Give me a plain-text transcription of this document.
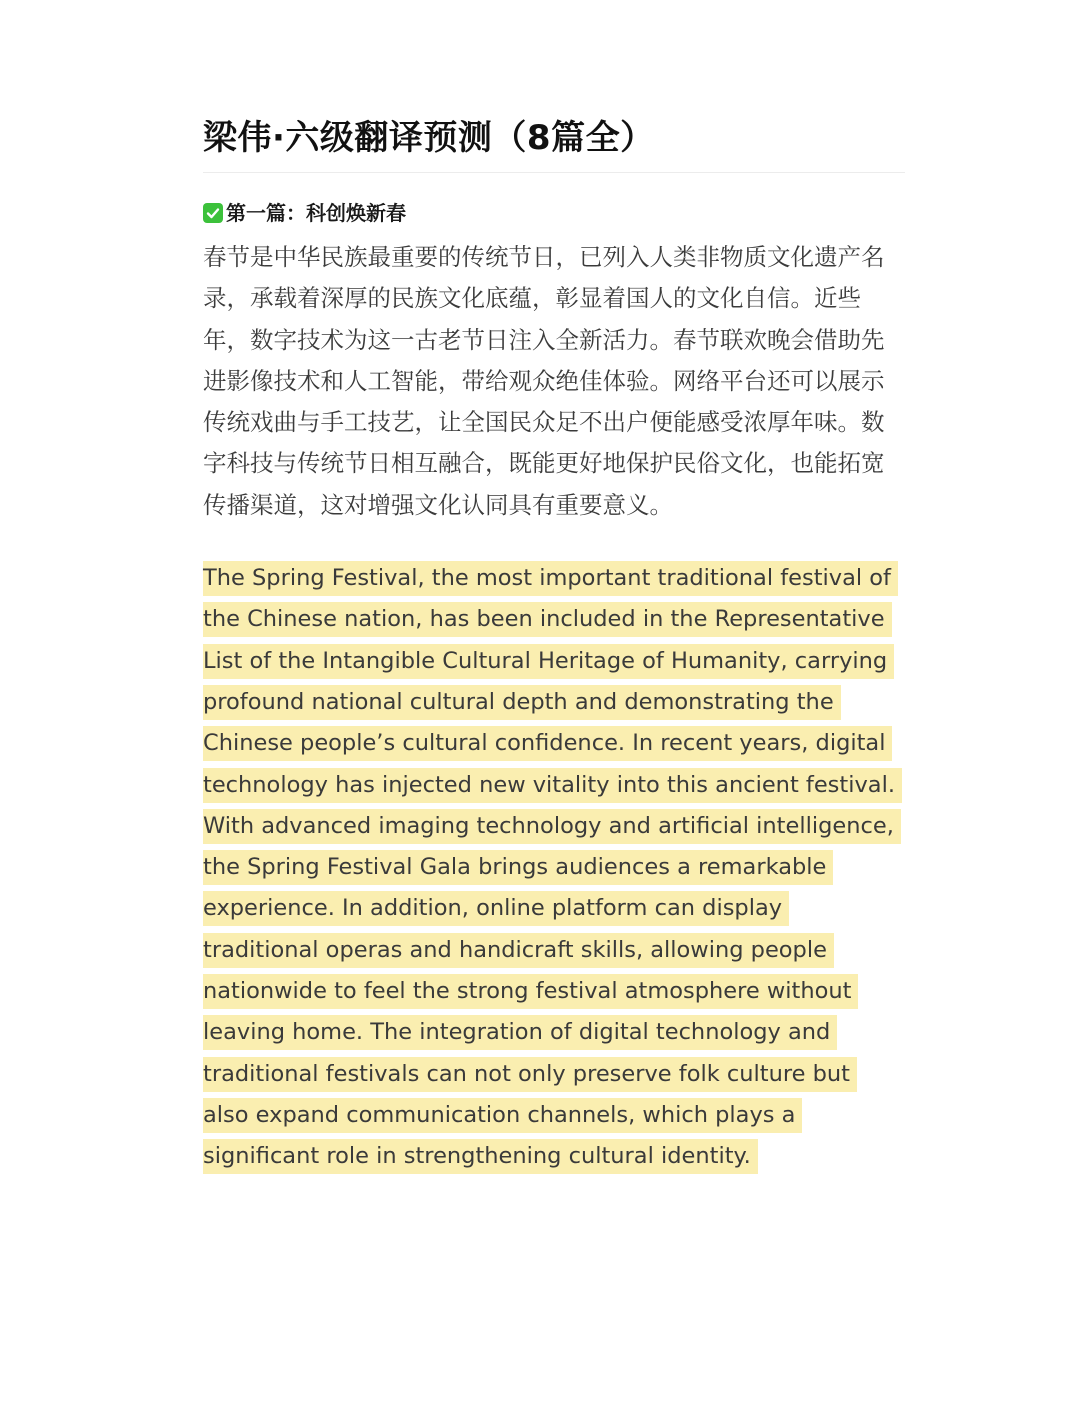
梁伟·六级翻译预测（8篇全）
第一篇：科创焕新春

春节是中华民族最重要的传统节日，已列入人类非物质文化遗产名录，承载着深厚的民族文化底蕴，彰显着国人的文化自信。近些年，数字技术为这一古老节日注入全新活力。春节联欢晚会借助先进影像技术和人工智能，带给观众绝佳体验。网络平台还可以展示传统戏曲与手工技艺，让全国民众足不出户便能感受浓厚年味。数字科技与传统节日相互融合，既能更好地保护民俗文化，也能拓宽传播渠道，这对增强文化认同具有重要意义。

The Spring Festival, the most important traditional festival of
the Chinese nation, has been included in the Representative
List of the Intangible Cultural Heritage of Humanity, carrying
profound national cultural depth and demonstrating the
Chinese people’s cultural confidence. In recent years, digital
technology has injected new vitality into this ancient festival.
With advanced imaging technology and artificial intelligence,
the Spring Festival Gala brings audiences a remarkable
experience. In addition, online platform can display
traditional operas and handicraft skills, allowing people
nationwide to feel the strong festival atmosphere without
leaving home. The integration of digital technology and
traditional festivals can not only preserve folk culture but
also expand communication channels, which plays a
significant role in strengthening cultural identity.
